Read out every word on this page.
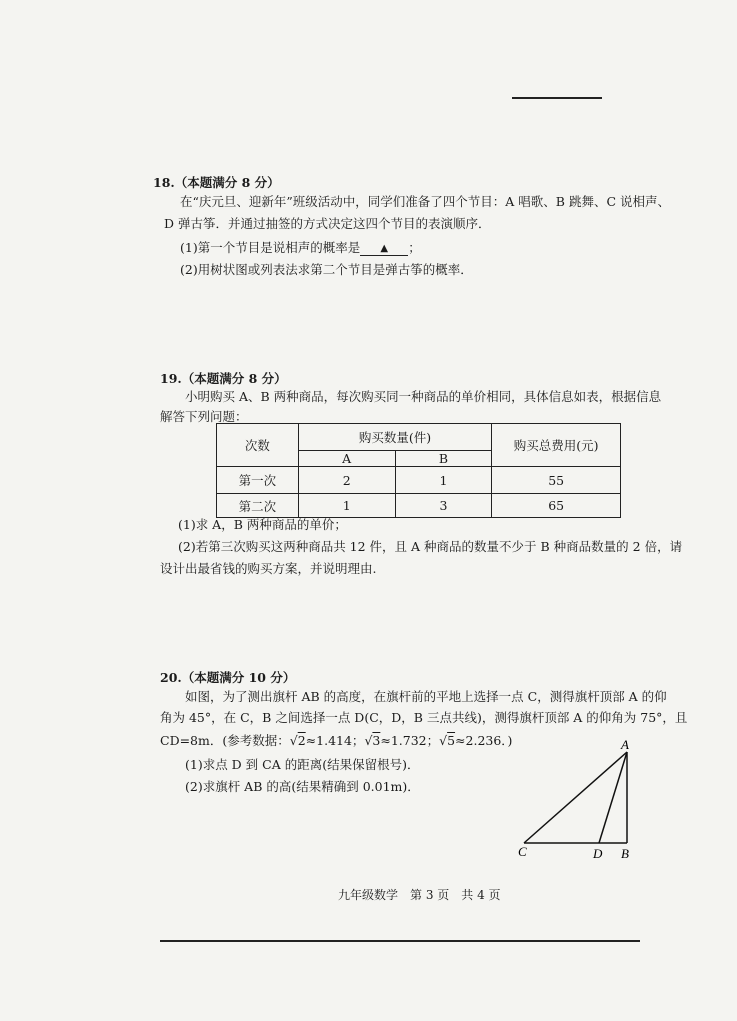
18.（本题满分 8 分）
在“庆元旦、迎新年”班级活动中，同学们准备了四个节目：A 唱歌、B 跳舞、C 说相声、
D 弹古筝．并通过抽签的方式决定这四个节目的表演顺序．
(1)第一个节目是说相声的概率是 ▲ ；
(2)用树状图或列表法求第二个节目是弹古筝的概率．
19.（本题满分 8 分）
小明购买 A、B 两种商品，每次购买同一种商品的单价相同，具体信息如表，根据信息
解答下列问题：
次数	购买数量(件)		购买总费用(元)
	A	B	
第一次	2	1	55
第二次	1	3	65
(1)求 A，B 两种商品的单价；
(2)若第三次购买这两种商品共 12 件，且 A 种商品的数量不少于 B 种商品数量的 2 倍，请
设计出最省钱的购买方案，并说明理由.
20.（本题满分 10 分）
如图，为了测出旗杆 AB 的高度，在旗杆前的平地上选择一点 C，测得旗杆顶部 A 的仰
角为 45°，在 C，B 之间选择一点 D(C，D，B 三点共线)，测得旗杆顶部 A 的仰角为 75°，且
CD=8m．(参考数据：√2≈1.414；√3≈1.732；√5≈2.236．)
(1)求点 D 到 CA 的距离(结果保留根号)．
(2)求旗杆 AB 的高(结果精确到 0.01m)．
A
C	D B
九年级数学　第 3 页　共 4 页
